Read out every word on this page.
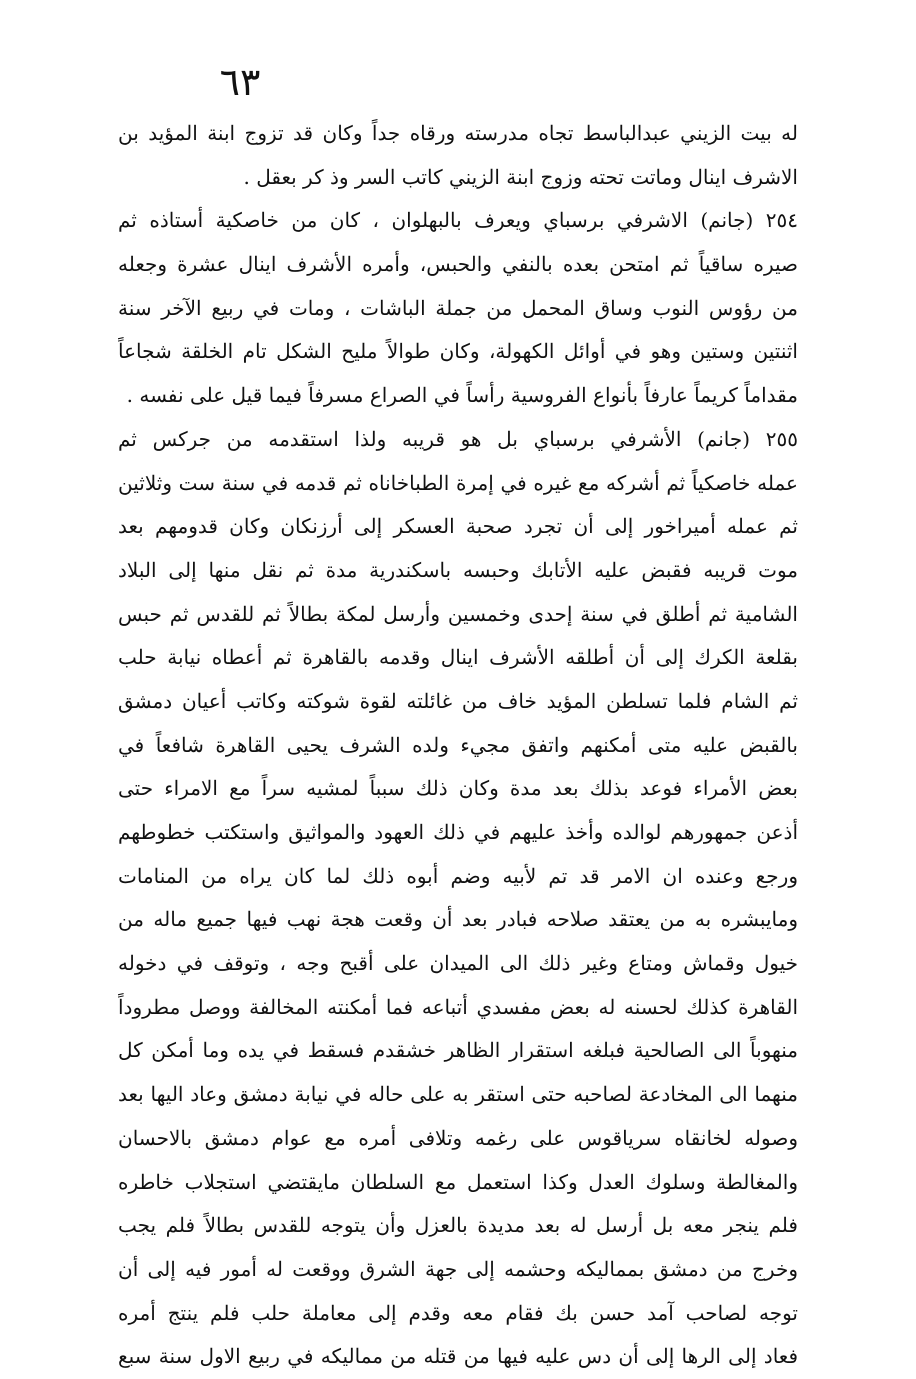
٦٣
له بيت الزيني عبدالباسط تجاه مدرسته ورقاه جداً وكان قد تزوج ابنة المؤيد بن
الاشرف اينال وماتت تحته وزوج ابنة الزيني كاتب السر وذ كر بعقل .
٢٥٤ (جانم) الاشرفي برسباي ويعرف بالبهلوان ، كان من خاصكية أستاذه ثم
صيره ساقياً ثم امتحن بعده بالنفي والحبس، وأمره الأشرف اينال عشرة وجعله
من رؤوس النوب وساق المحمل من جملة الباشات ، ومات في ربيع الآخر سنة
اثنتين وستين وهو في أوائل الكهولة، وكان طوالاً مليح الشكل تام الخلقة شجاعاً
مقداماً كريماً عارفاً بأنواع الفروسية رأساً في الصراع مسرفاً فيما قيل على نفسه .
٢٥٥ (جانم) الأشرفي برسباي بل هو قريبه ولذا استقدمه من جركس ثم
عمله خاصكياً ثم أشركه مع غيره في إمرة الطباخاناه ثم قدمه في سنة ست وثلاثين
ثم عمله أميراخور إلى أن تجرد صحبة العسكر إلى أرزنكان وكان قدومهم بعد
موت قريبه فقبض عليه الأتابك وحبسه باسكندرية مدة ثم نقل منها إلى البلاد
الشامية ثم أطلق في سنة إحدى وخمسين وأرسل لمكة بطالاً ثم للقدس ثم حبس
بقلعة الكرك إلى أن أطلقه الأشرف اينال وقدمه بالقاهرة ثم أعطاه نيابة حلب
ثم الشام فلما تسلطن المؤيد خاف من غائلته لقوة شوكته وكاتب أعيان دمشق
بالقبض عليه متى أمكنهم واتفق مجيء ولده الشرف يحيى القاهرة شافعاً في
بعض الأمراء فوعد بذلك بعد مدة وكان ذلك سبباً لمشيه سراً مع الامراء حتى
أذعن جمهورهم لوالده وأخذ عليهم في ذلك العهود والمواثيق واستكتب خطوطهم
ورجع وعنده ان الامر قد تم لأبيه وضم أبوه ذلك لما كان يراه من المنامات
ومايبشره به من يعتقد صلاحه فبادر بعد أن وقعت هجة نهب فيها جميع ماله من
خيول وقماش ومتاع وغير ذلك الى الميدان على أقبح وجه ، وتوقف في دخوله
القاهرة كذلك لحسنه له بعض مفسدي أتباعه فما أمكنته المخالفة ووصل مطروداً
منهوباً الى الصالحية فبلغه استقرار الظاهر خشقدم فسقط في يده وما أمكن كل
منهما الى المخادعة لصاحبه حتى استقر به على حاله في نيابة دمشق وعاد اليها بعد
وصوله لخانقاه سرياقوس على رغمه وتلافى أمره مع عوام دمشق بالاحسان
والمغالطة وسلوك العدل وكذا استعمل مع السلطان مايقتضي استجلاب خاطره
فلم ينجر معه بل أرسل له بعد مديدة بالعزل وأن يتوجه للقدس بطالاً فلم يجب
وخرج من دمشق بمماليكه وحشمه إلى جهة الشرق ووقعت له أمور فيه إلى أن
توجه لصاحب آمد حسن بك فقام معه وقدم إلى معاملة حلب فلم ينتج أمره
فعاد إلى الرها إلى أن دس عليه فيها من قتله من مماليكه في ربيع الاول سنة سبع
